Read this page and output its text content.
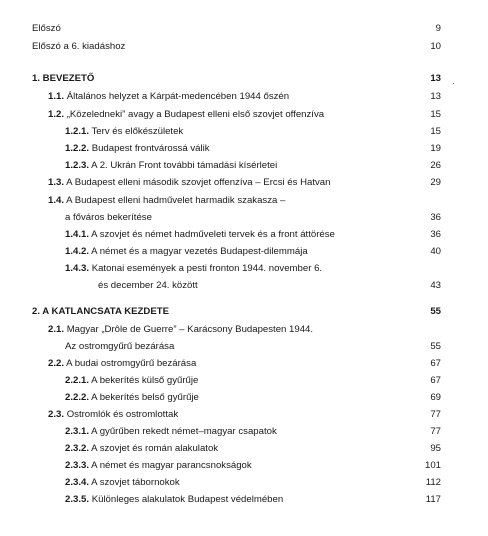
Előszó	9
Előszó a 6. kiadáshoz	10
1. BEVEZETŐ	13
1.1. Általános helyzet a Kárpát-medencében 1944 őszén	13
1.2. „Közeledneki” avagy a Budapest elleni első szovjet offenzíva	15
1.2.1. Terv és előkészületek	15
1.2.2. Budapest frontvárossá válik	19
1.2.3. A 2. Ukrán Front további támadási kísérletei	26
1.3. A Budapest elleni második szovjet offenzíva – Ercsi és Hatvan	29
1.4. A Budapest elleni hadművelet harmadik szakasza –
a főváros bekerítése	36
1.4.1. A szovjet és német hadműveleti tervek és a front áttörése	36
1.4.2. A német és a magyar vezetés Budapest-dilemmája	40
1.4.3. Katonai események a pesti fronton 1944. november 6.
és december 24. között	43
2. A KATLANCSATA KEZDETE	55
2.1. Magyar „Drôle de Guerre” – Karácsony Budapesten 1944.
Az ostromgyűrű bezárása	55
2.2. A budai ostromgyűrű bezárása	67
2.2.1. A bekerítés külső gyűrűje	67
2.2.2. A bekerítés belső gyűrűje	69
2.3. Ostromlók és ostromlottak	77
2.3.1. A gyűrűben rekedt német–magyar csapatok	77
2.3.2. A szovjet és román alakulatok	95
2.3.3. A német és magyar parancsnokságok	101
2.3.4. A szovjet tábornokok	112
2.3.5. Különleges alakulatok Budapest védelmében	117
